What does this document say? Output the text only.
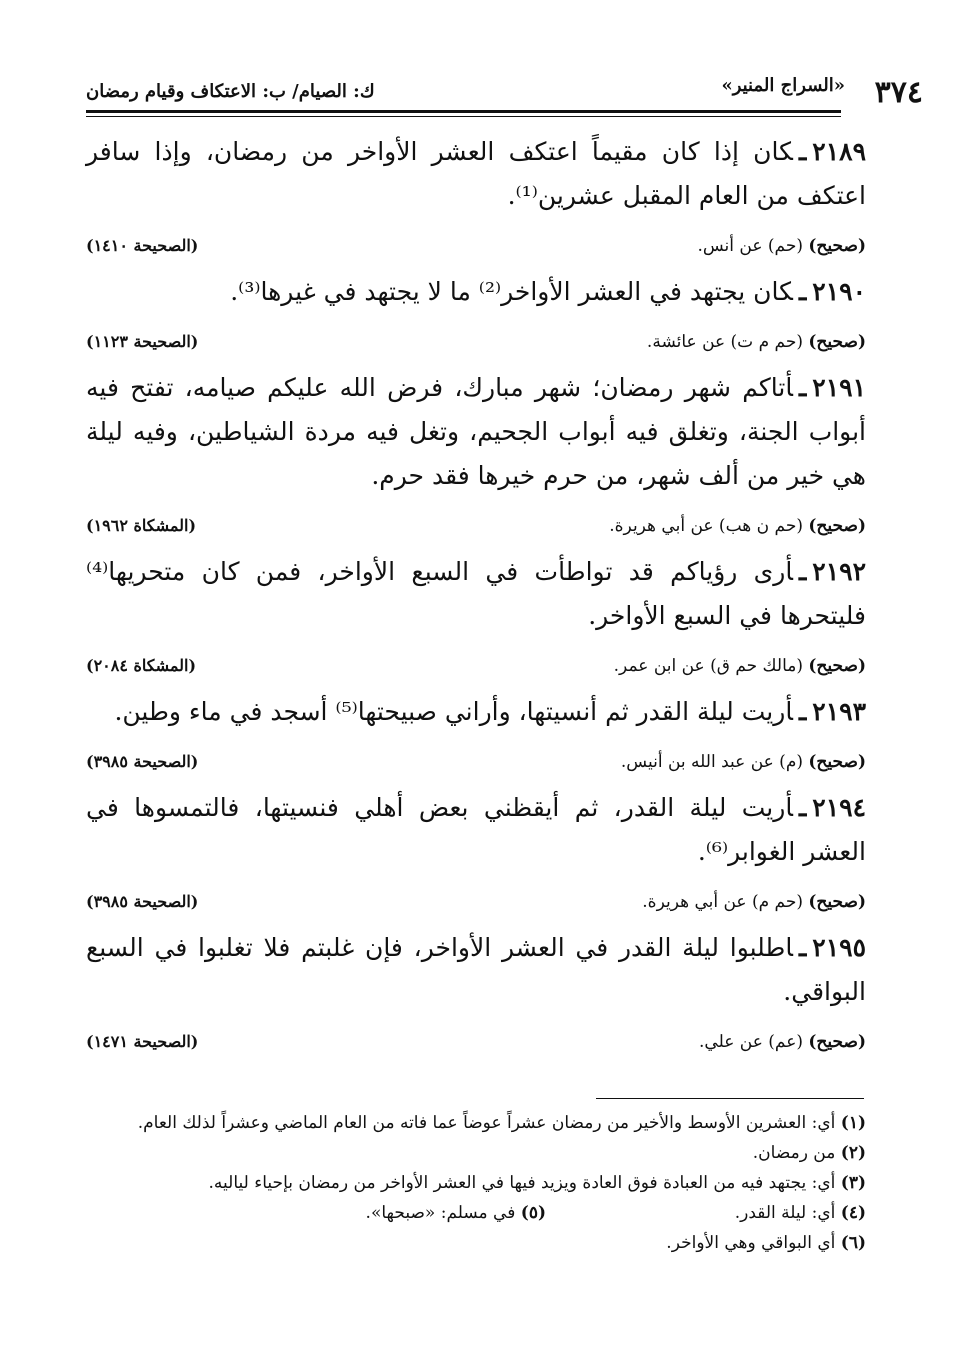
٣٧٤
«السراج المنير»
ك: الصيام/ ب: الاعتكاف وقيام رمضان

٢١٨٩ـكان إذا كان مقيماً اعتكف العشر الأواخر من رمضان، وإذا سافر اعتكف من العام المقبل عشرين⁽¹⁾.

(صحيح) (حم) عن أنس.
(الصحيحة ١٤١٠)

٢١٩٠ـكان يجتهد في العشر الأواخر⁽²⁾ ما لا يجتهد في غيرها⁽³⁾.

(صحيح) (حم م ت) عن عائشة.
(الصحيحة ١١٢٣)

٢١٩١ـأتاكم شهر رمضان؛ شهر مبارك، فرض الله عليكم صيامه، تفتح فيه أبواب الجنة، وتغلق فيه أبواب الجحيم، وتغل فيه مردة الشياطين، وفيه ليلة هي خير من ألف شهر، من حرم خيرها فقد حرم.

(صحيح) (حم ن هب) عن أبي هريرة.
(المشكاة ١٩٦٢)

٢١٩٢ـأرى رؤياكم قد تواطأت في السبع الأواخر، فمن كان متحريها⁽⁴⁾ فليتحرها في السبع الأواخر.

(صحيح) (مالك حم ق) عن ابن عمر.
(المشكاة ٢٠٨٤)

٢١٩٣ـأريت ليلة القدر ثم أنسيتها، وأراني صبيحتها⁽⁵⁾ أسجد في ماء وطين.

(صحيح) (م) عن عبد الله بن أنيس.
(الصحيحة ٣٩٨٥)

٢١٩٤ـأريت ليلة القدر، ثم أيقظني بعض أهلي فنسيتها، فالتمسوها في العشر الغوابر⁽⁶⁾.

(صحيح) (حم م) عن أبي هريرة.
(الصحيحة ٣٩٨٥)

٢١٩٥ـاطلبوا ليلة القدر في العشر الأواخر، فإن غلبتم فلا تغلبوا في السبع البواقي.

(صحيح) (عم) عن علي.
(الصحيحة ١٤٧١)

(١) أي: العشرين الأوسط والأخير من رمضان عشراً عوضاً عما فاته من العام الماضي وعشراً لذلك العام.     (٢) من رمضان.

(٣) أي: يجتهد فيه من العبادة فوق العادة ويزيد فيها في العشر الأواخر من رمضان بإحياء لياليه.

(٤) أي: ليلة القدر.
(٥) في مسلم: «صبحها».

(٦) أي البواقي وهي الأواخر.
